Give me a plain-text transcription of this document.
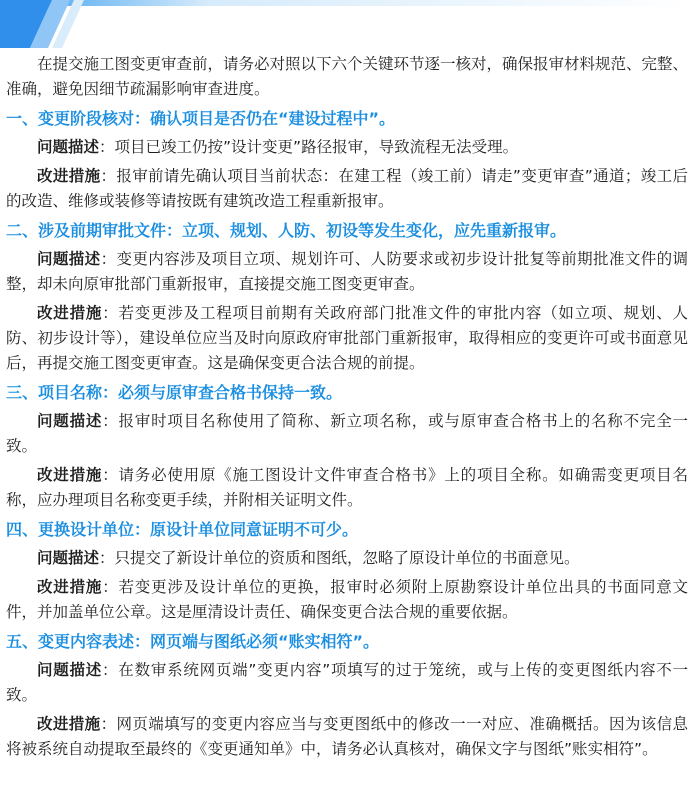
在提交施工图变更审查前，请务必对照以下六个关键环节逐一核对，确保报审材料规范、完整、准确，避免因细节疏漏影响审查进度。

一、变更阶段核对：确认项目是否仍在“建设过程中”。

问题描述：项目已竣工仍按”设计变更”路径报审，导致流程无法受理。

改进措施：报审前请先确认项目当前状态：在建工程（竣工前）请走”变更审查”通道；竣工后的改造、维修或装修等请按既有建筑改造工程重新报审。

二、涉及前期审批文件：立项、规划、人防、初设等发生变化，应先重新报审。

问题描述：变更内容涉及项目立项、规划许可、人防要求或初步设计批复等前期批准文件的调整，却未向原审批部门重新报审，直接提交施工图变更审查。

改进措施：若变更涉及工程项目前期有关政府部门批准文件的审批内容（如立项、规划、人防、初步设计等），建设单位应当及时向原政府审批部门重新报审，取得相应的变更许可或书面意见后，再提交施工图变更审查。这是确保变更合法合规的前提。

三、项目名称：必须与原审查合格书保持一致。

问题描述：报审时项目名称使用了简称、新立项名称，或与原审查合格书上的名称不完全一致。

改进措施：请务必使用原《施工图设计文件审查合格书》上的项目全称。如确需变更项目名称，应办理项目名称变更手续，并附相关证明文件。

四、更换设计单位：原设计单位同意证明不可少。

问题描述：只提交了新设计单位的资质和图纸，忽略了原设计单位的书面意见。

改进措施：若变更涉及设计单位的更换，报审时必须附上原勘察设计单位出具的书面同意文件，并加盖单位公章。这是厘清设计责任、确保变更合法合规的重要依据。

五、变更内容表述：网页端与图纸必须“账实相符”。

问题描述：在数审系统网页端”变更内容”项填写的过于笼统，或与上传的变更图纸内容不一致。

改进措施：网页端填写的变更内容应当与变更图纸中的修改一一对应、准确概括。因为该信息将被系统自动提取至最终的《变更通知单》中，请务必认真核对，确保文字与图纸”账实相符”。
